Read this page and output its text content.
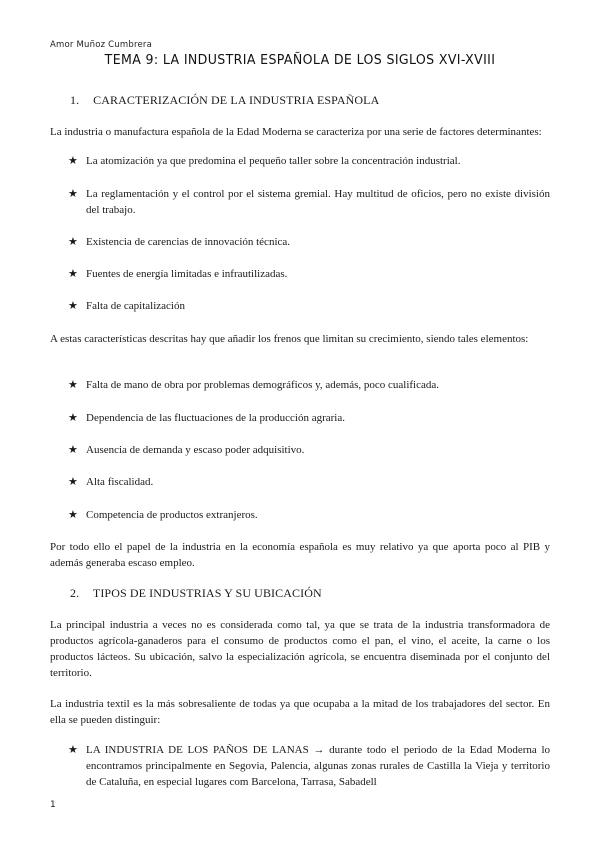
Amor Muñoz Cumbrera
TEMA 9: LA INDUSTRIA ESPAÑOLA DE LOS SIGLOS XVI-XVIII
1. CARACTERIZACIÓN DE LA INDUSTRIA ESPAÑOLA
La industria o manufactura española de la Edad Moderna se caracteriza por una serie de factores determinantes:
★ La atomización ya que predomina el pequeño taller sobre la concentración industrial.
★ La reglamentación y el control por el sistema gremial. Hay multitud de oficios, pero no existe división del trabajo.
★ Existencia de carencias de innovación técnica.
★ Fuentes de energía limitadas e infrautilizadas.
★ Falta de capitalización
A estas características descritas hay que añadir los frenos que limitan su crecimiento, siendo tales elementos:
★ Falta de mano de obra por problemas demográficos y, además, poco cualificada.
★ Dependencia de las fluctuaciones de la producción agraria.
★ Ausencia de demanda y escaso poder adquisitivo.
★ Alta fiscalidad.
★ Competencia de productos extranjeros.
Por todo ello el papel de la industria en la economía española es muy relativo ya que aporta poco al PIB y además generaba escaso empleo.
2. TIPOS DE INDUSTRIAS Y SU UBICACIÓN
La principal industria a veces no es considerada como tal, ya que se trata de la industria transformadora de productos agrícola-ganaderos para el consumo de productos como el pan, el vino, el aceite, la carne o los productos lácteos. Su ubicación, salvo la especialización agrícola, se encuentra diseminada por el conjunto del territorio.
La industria textil es la más sobresaliente de todas ya que ocupaba a la mitad de los trabajadores del sector. En ella se pueden distinguir:
★ LA INDUSTRIA DE LOS PAÑOS DE LANAS → durante todo el periodo de la Edad Moderna lo encontramos principalmente en Segovia, Palencia, algunas zonas rurales de Castilla la Vieja y territorio de Cataluña, en especial lugares com Barcelona, Tarrasa, Sabadell
1
